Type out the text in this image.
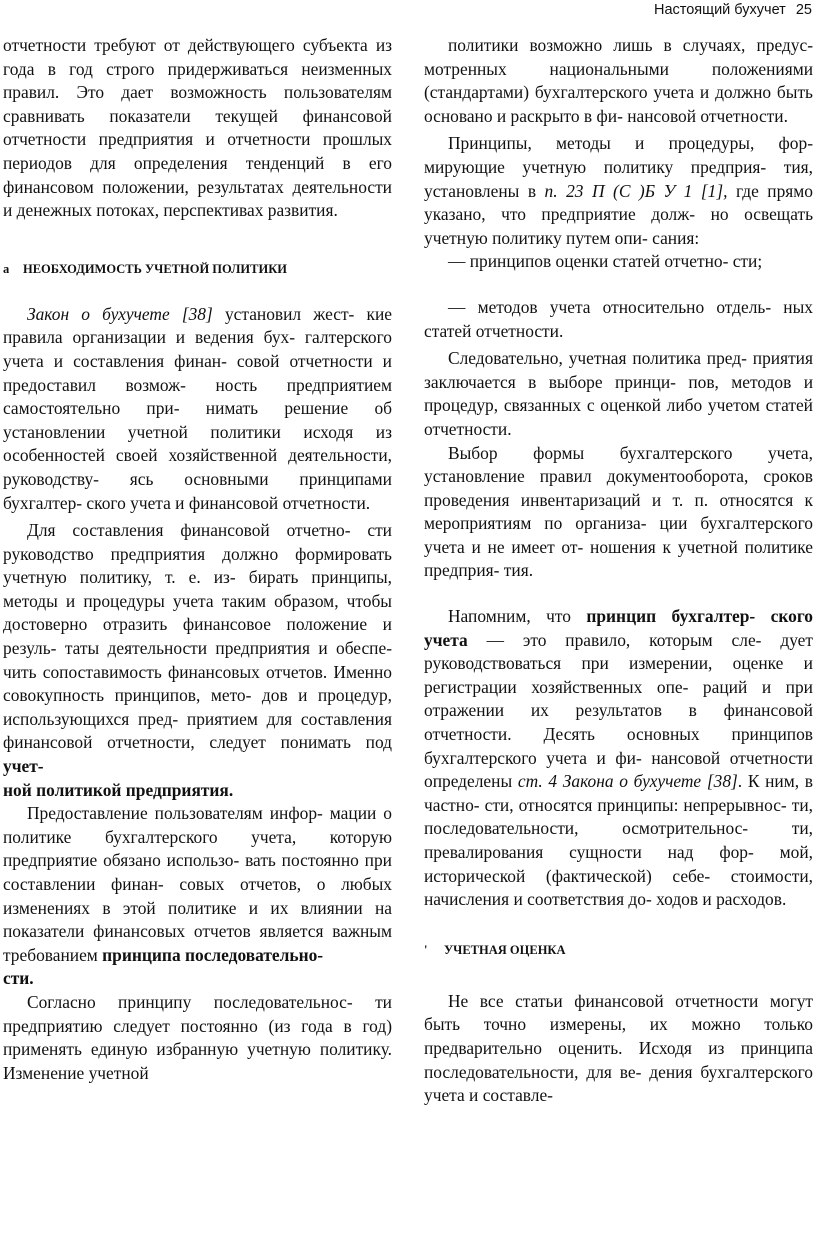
Настоящий бухучет 25

отчетности требуют от действующего субъекта из года в год строго придерживаться неизменных правил. Это дает возможность пользователям сравнивать показатели текущей финансовой отчетности предприятия и отчетности прошлых периодов для определения тенденций в его финансовом положении, результатах деятельности и денежных потоках, перспективах развития.

a НЕОБХОДИМОСТЬ УЧЕТНОЙ ПОЛИТИКИ

Закон о бухучете [38] установил жест- кие правила организации и ведения бух- галтерского учета и составления финан- совой отчетности и предоставил возмож- ность предприятием самостоятельно при- нимать решение об установлении учетной политики исходя из особенностей своей хозяйственной деятельности, руководству- ясь основными принципами бухгалтер- ского учета и финансовой отчетности.

Для составления финансовой отчетно- сти руководство предприятия должно формировать учетную политику, т. е. из- бирать принципы, методы и процедуры учета таким образом, чтобы достоверно отразить финансовое положение и резуль- таты деятельности предприятия и обеспе- чить сопоставимость финансовых отчетов. Именно совокупность принципов, мето- дов и процедур, использующихся пред- приятием для составления финансовой отчетности, следует понимать под учет-
ной политикой предприятия.

Предоставление пользователям инфор- мации о политике бухгалтерского учета, которую предприятие обязано использо- вать постоянно при составлении финан- совых отчетов, о любых изменениях в этой политике и их влиянии на показатели финансовых отчетов является важным требованием принципа последовательно-
сти.

Согласно принципу последовательнос- ти предприятию следует постоянно (из года в год) применять единую избранную учетную политику. Изменение учетной

политики возможно лишь в случаях, предус- мотренных национальными положениями (стандартами) бухгалтерского учета и должно быть основано и раскрыто в фи- нансовой отчетности.

Принципы, методы и процедуры, фор- мирующие учетную политику предприя- тия, установлены в п. 23 П (С )Б У 1 [1], где прямо указано, что предприятие долж- но освещать учетную политику путем опи- сания:

— принципов оценки статей отчетно- сти;

— методов учета относительно отдель- ных статей отчетности.

Следовательно, учетная политика пред- приятия заключается в выборе принци- пов, методов и процедур, связанных с оценкой либо учетом статей отчетности.

Выбор формы бухгалтерского учета, установление правил документооборота, сроков проведения инвентаризаций и т. п. относятся к мероприятиям по организа- ции бухгалтерского учета и не имеет от- ношения к учетной политике предприя- тия.

Напомним, что принцип бухгалтер- ского учета — это правило, которым сле- дует руководствоваться при измерении, оценке и регистрации хозяйственных опе- раций и при отражении их результатов в финансовой отчетности. Десять основных принципов бухгалтерского учета и фи- нансовой отчетности определены ст. 4 Закона о бухучете [38]. К ним, в частно- сти, относятся принципы: непрерывнос- ти, последовательности, осмотрительнос- ти, превалирования сущности над фор- мой, исторической (фактической) себе- стоимости, начисления и соответствия до- ходов и расходов.

' УЧЕТНАЯ ОЦЕНКА

Не все статьи финансовой отчетности могут быть точно измерены, их можно только предварительно оценить. Исходя из принципа последовательности, для ве- дения бухгалтерского учета и составле-
